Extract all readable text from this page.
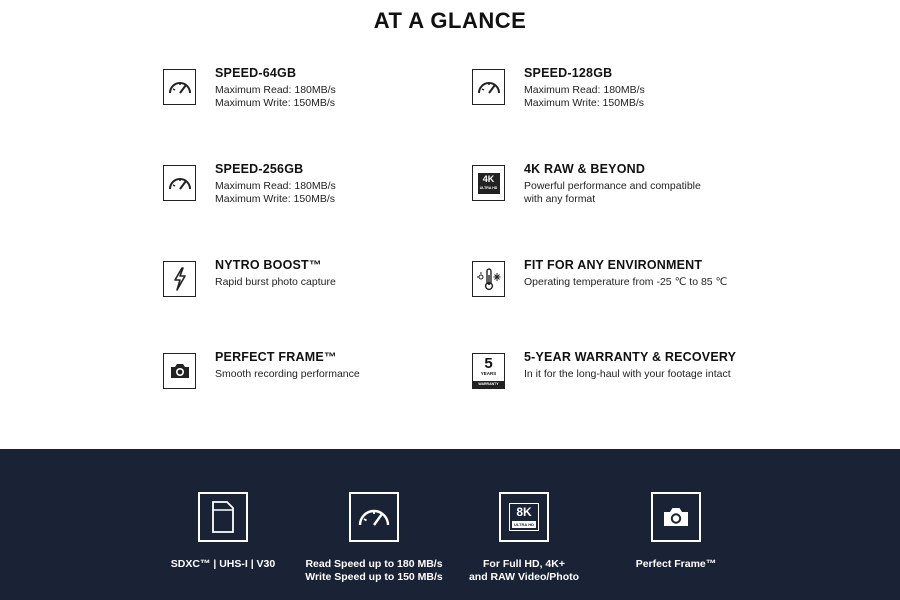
AT A GLANCE
SPEED-64GB
Maximum Read: 180MB/s
Maximum Write: 150MB/s
SPEED-128GB
Maximum Read: 180MB/s
Maximum Write: 150MB/s
SPEED-256GB
Maximum Read: 180MB/s
Maximum Write: 150MB/s
4K
ULTRA HD
4K RAW & BEYOND
Powerful performance and compatible
with any format
NYTRO BOOST™
Rapid burst photo capture
FIT FOR ANY ENVIRONMENT
Operating temperature from -25 ℃ to 85 ℃
PERFECT FRAME™
Smooth recording performance
5
YEARS
WARRANTY
5-YEAR WARRANTY & RECOVERY
In it for the long-haul with your footage intact
SDXC™ | UHS-I | V30	Read Speed up to 180 MB/s
Write Speed up to 150 MB/s
8K
ULTRA HD
For Full HD, 4K+
and RAW Video/Photo
Perfect Frame™
